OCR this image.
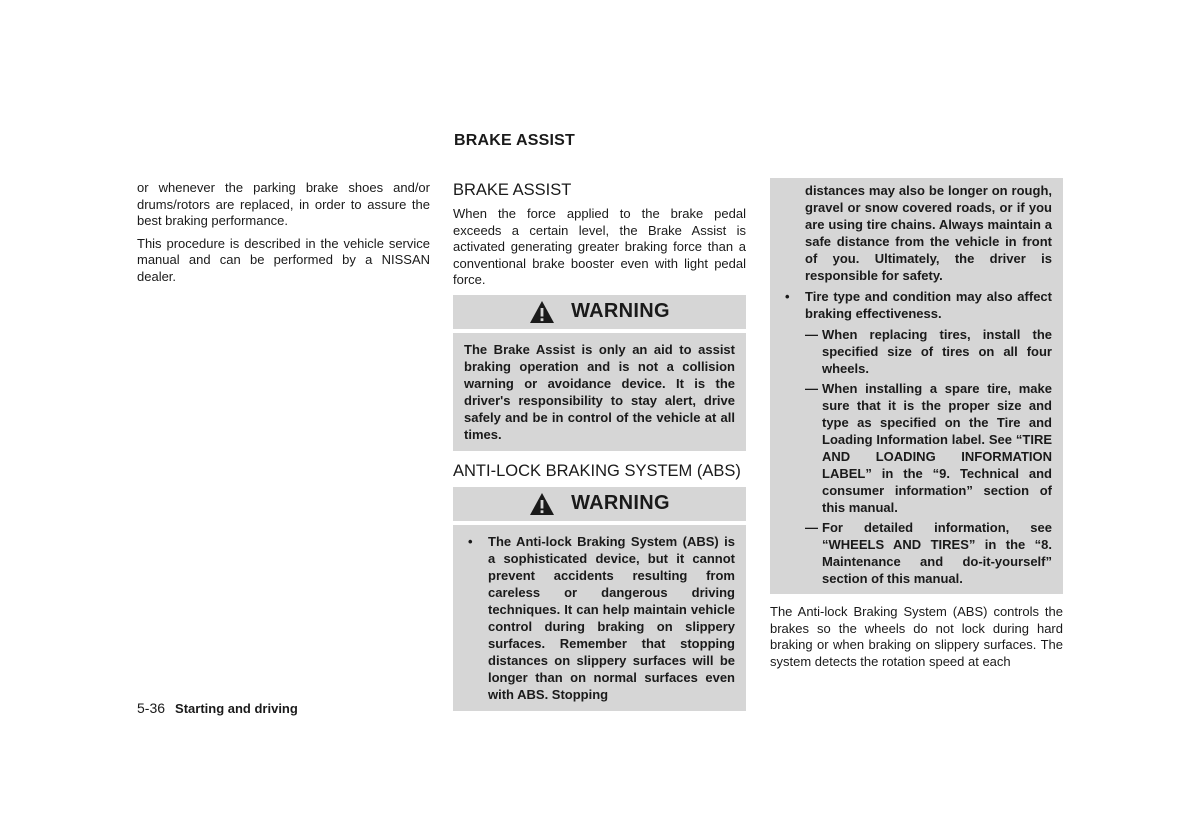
BRAKE ASSIST

or whenever the parking brake shoes and/or drums/rotors are replaced, in order to assure the best braking performance.

This procedure is described in the vehicle service manual and can be performed by a NISSAN dealer.

BRAKE ASSIST

When the force applied to the brake pedal exceeds a certain level, the Brake Assist is activated generating greater braking force than a conventional brake booster even with light pedal force.

WARNING

The Brake Assist is only an aid to assist braking operation and is not a collision warning or avoidance device. It is the driver's responsibility to stay alert, drive safely and be in control of the vehicle at all times.

ANTI-LOCK BRAKING SYSTEM (ABS)
WARNING
• The Anti-lock Braking System (ABS) is a sophisticated device, but it cannot prevent accidents resulting from careless or dangerous driving techniques. It can help maintain vehicle control during braking on slippery surfaces. Remember that stopping distances on slippery surfaces will be longer than on normal surfaces even with ABS. Stopping

distances may also be longer on rough, gravel or snow covered roads, or if you are using tire chains. Always maintain a safe distance from the vehicle in front of you. Ultimately, the driver is responsible for safety.

• Tire type and condition may also affect braking effectiveness.
— When replacing tires, install the specified size of tires on all four wheels.
— When installing a spare tire, make sure that it is the proper size and type as specified on the Tire and Loading Information label. See “TIRE AND LOADING INFORMATION LABEL” in the “9. Technical and consumer information” section of this manual.
— For detailed information, see “WHEELS AND TIRES” in the “8. Maintenance and do-it-yourself” section of this manual.

The Anti-lock Braking System (ABS) controls the brakes so the wheels do not lock during hard braking or when braking on slippery surfaces. The system detects the rotation speed at each

5-36 Starting and driving
